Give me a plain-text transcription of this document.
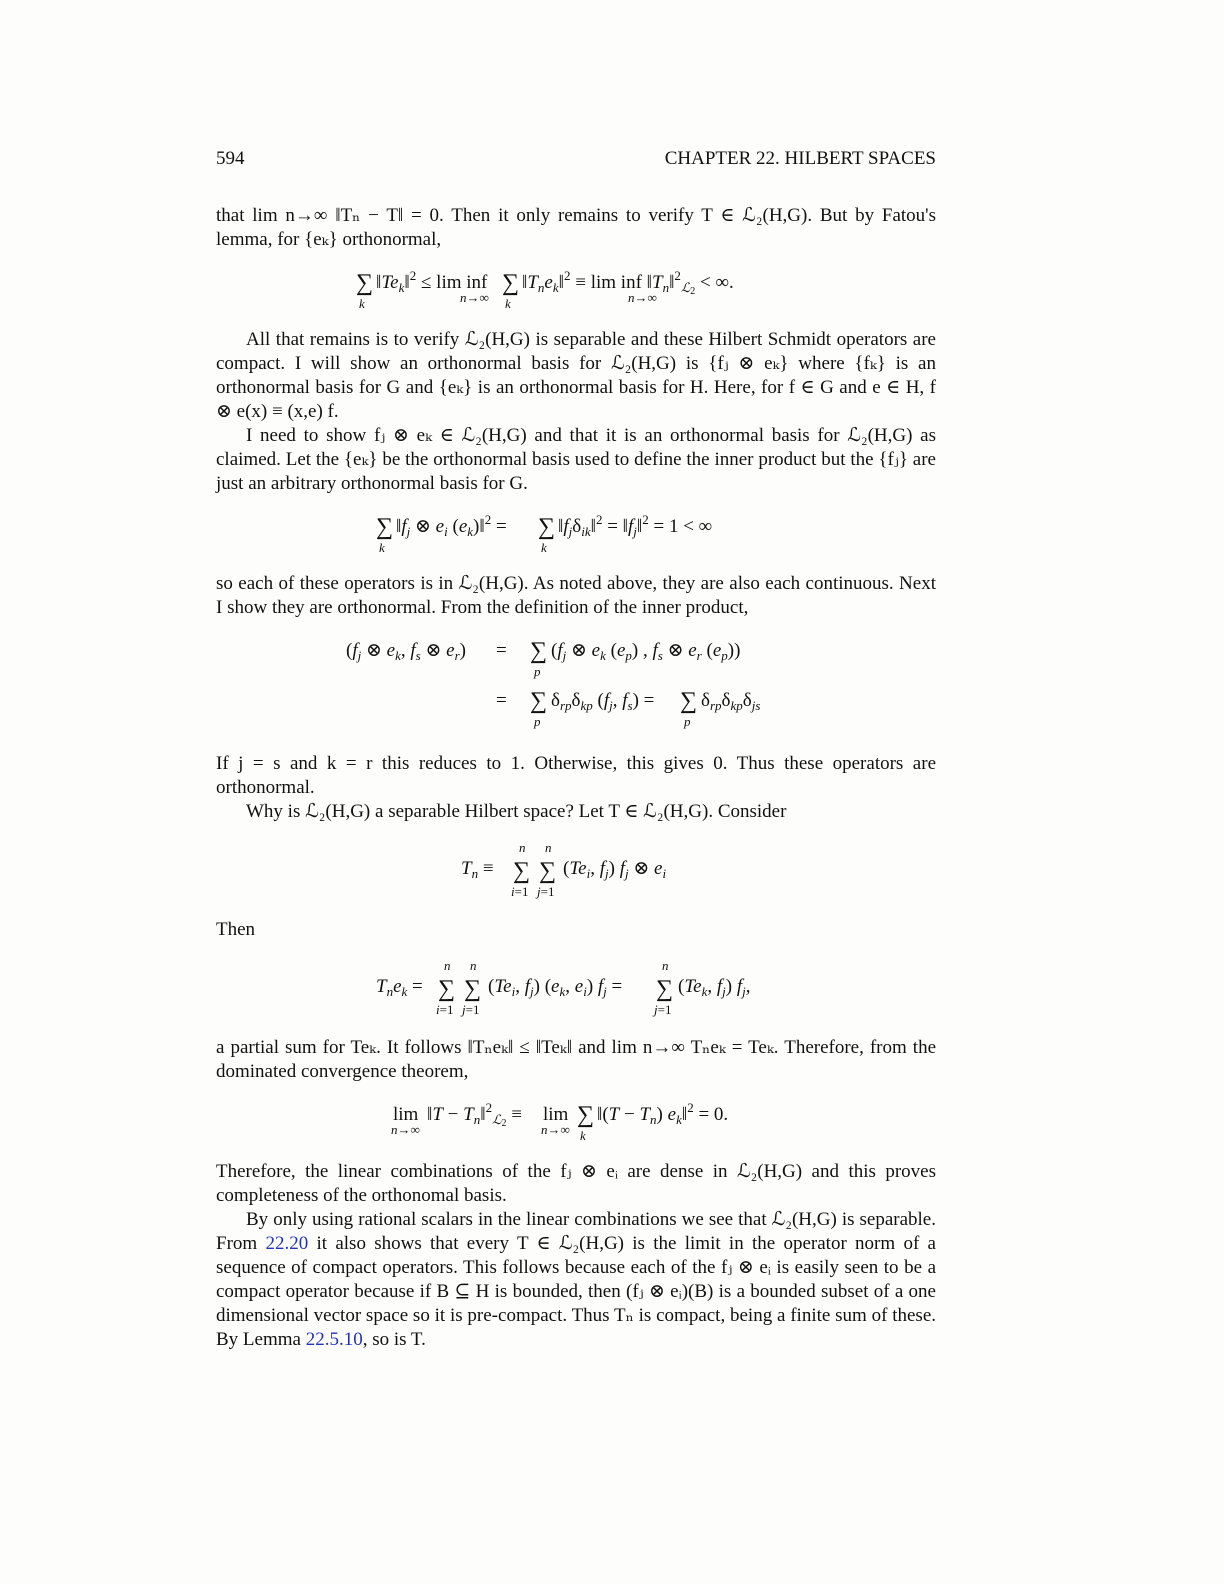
594	CHAPTER 22. HILBERT SPACES

that lim n→∞ ‖Tₙ − T‖ = 0. Then it only remains to verify T ∈ ℒ₂(H,G). But by Fatou's lemma, for {eₖ} orthonormal,

∑
k
$‖Te_k‖^2 \le \lim$ inf
n→∞
∑
k
$‖T_ne_k‖^2 \equiv \lim$ inf $‖T_n‖^2_ℒ2$ < ∞.
n→∞

All that remains is to verify ℒ₂(H,G) is separable and these Hilbert Schmidt operators are compact. I will show an orthonormal basis for ℒ₂(H,G) is {fⱼ ⊗ eₖ} where {fₖ} is an orthonormal basis for G and {eₖ} is an orthonormal basis for H. Here, for f ∈ G and e ∈ H, f ⊗ e(x) ≡ (x,e) f.

I need to show fⱼ ⊗ eₖ ∈ ℒ₂(H,G) and that it is an orthonormal basis for ℒ₂(H,G) as claimed. Let the {eₖ} be the orthonormal basis used to define the inner product but the {fⱼ} are just an arbitrary orthonormal basis for G.

∑
k
$‖f_j$ ⊗ $e_i$ $(e_k)‖^2$ = ∑
k
$‖f_j\delta_{ik}‖^2$ = $‖f_j‖^2 = 1$ < ∞

so each of these operators is in ℒ₂(H,G). As noted above, they are also each continuous. Next I show they are orthonormal. From the definition of the inner product,

($f_j$ ⊗ $e_k$, $f_s$ ⊗ $e_r$) = ∑
p
($f_j$ ⊗ $e_k$ $(e_p)$ , $f_s$ ⊗ $e_r$ $(e_p)$)
= ∑
p
$\delta_{rp}\delta_{kp}$ ($f_j$, $f_s$) = ∑
p
$\delta_{rp}\delta_{kp}\delta_{js}$

If j = s and k = r this reduces to 1. Otherwise, this gives 0. Thus these operators are orthonormal.

Why is ℒ₂(H,G) a separable Hilbert space? Let T ∈ ℒ₂(H,G). Consider

$T_n$ ≡
n
∑
i=1
n
∑
j=1
($Te_i$, $f_j$) $f_j$ ⊗ $e_i$

Then

$T_ne_k$ =
n
∑
i=1
n
∑
j=1
($Te_i$, $f_j$) ($e_k$, $e_i$) $f_j$ =
n
∑
j=1
($Te_k$, $f_j$) $f_j$,

a partial sum for Teₖ. It follows ‖Tₙeₖ‖ ≤ ‖Teₖ‖ and lim n→∞ Tₙeₖ = Teₖ. Therefore, from the dominated convergence theorem,

lim
n→∞
‖T − $T_n‖^2_ℒ2 \equiv \lim$
n→∞
∑
k
‖(T − $T_n$) $e_k‖^2 = 0$.

Therefore, the linear combinations of the fⱼ ⊗ eᵢ are dense in ℒ₂(H,G) and this proves completeness of the orthonomal basis.

By only using rational scalars in the linear combinations we see that ℒ₂(H,G) is separable. From 22.20 it also shows that every T ∈ ℒ₂(H,G) is the limit in the operator norm of a sequence of compact operators. This follows because each of the fⱼ ⊗ eᵢ is easily seen to be a compact operator because if B ⊆ H is bounded, then (fⱼ ⊗ eᵢ)(B) is a bounded subset of a one dimensional vector space so it is pre-compact. Thus Tₙ is compact, being a finite sum of these. By Lemma 22.5.10, so is T.
